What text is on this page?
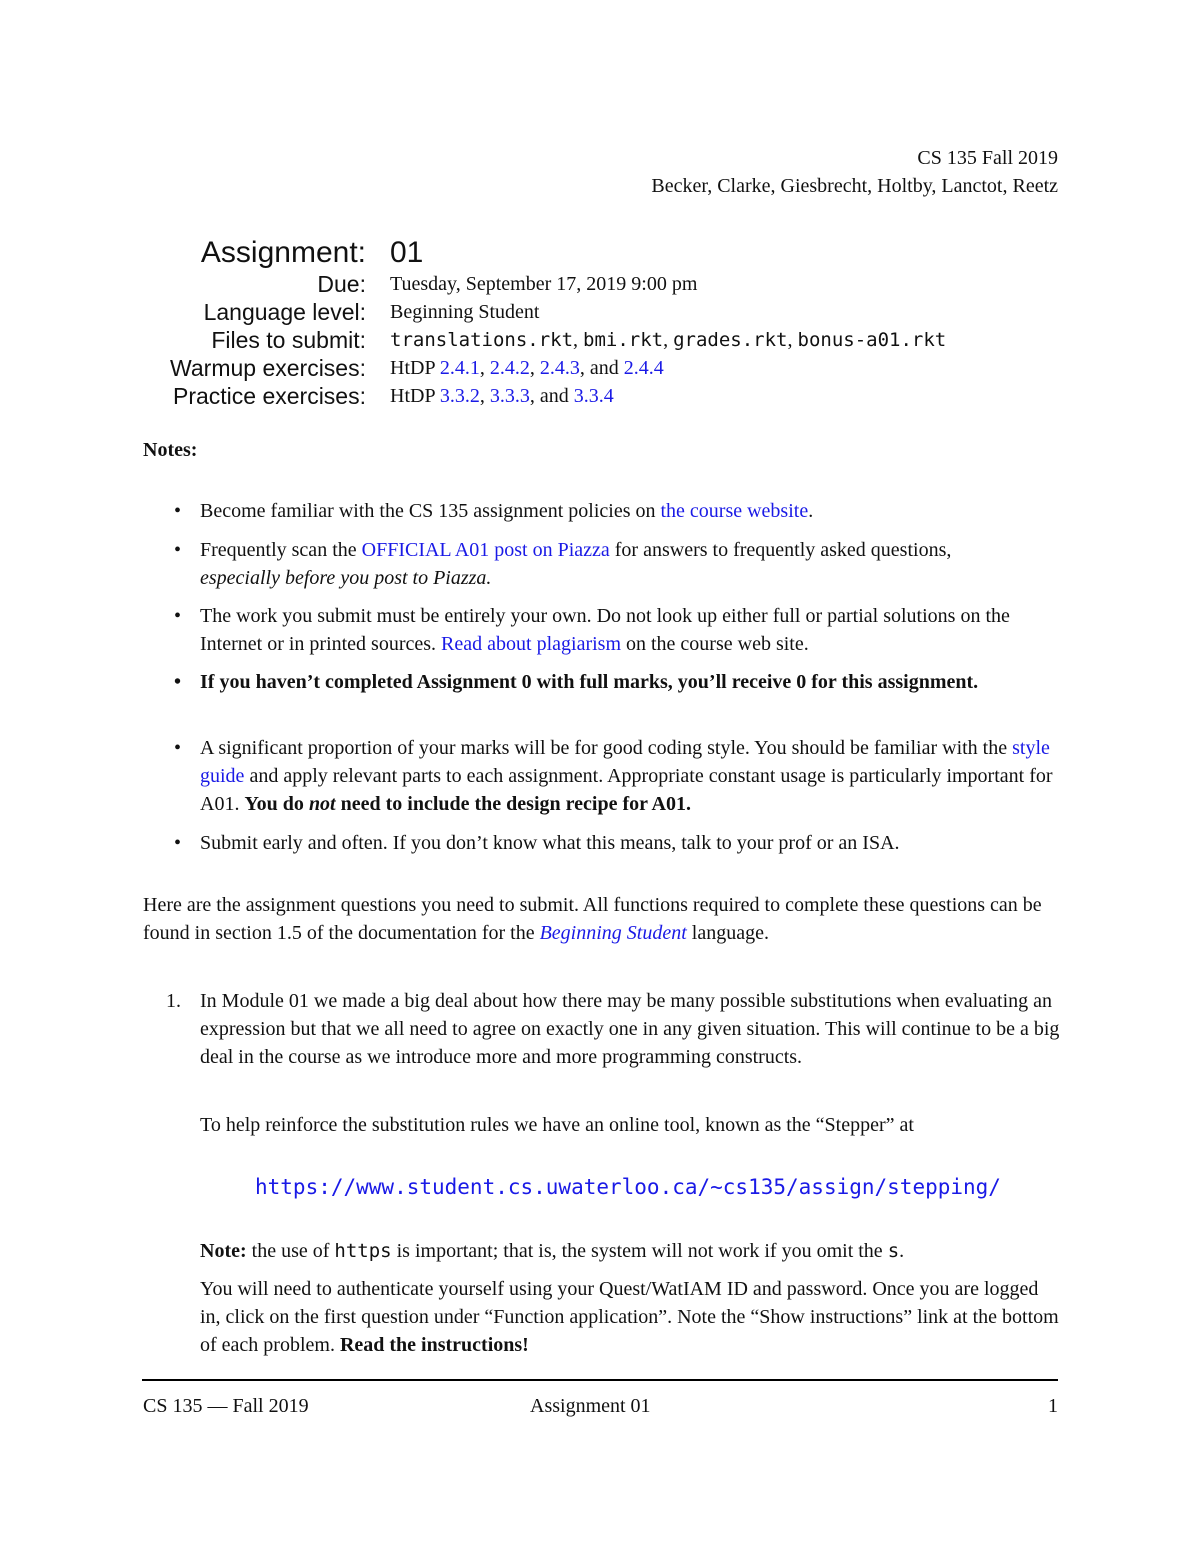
CS 135 Fall 2019
Becker, Clarke, Giesbrecht, Holtby, Lanctot, Reetz
Assignment: 01
Due: Tuesday, September 17, 2019 9:00 pm
Language level: Beginning Student
Files to submit: translations.rkt, bmi.rkt, grades.rkt, bonus-a01.rkt
Warmup exercises: HtDP 2.4.1, 2.4.2, 2.4.3, and 2.4.4
Practice exercises: HtDP 3.3.2, 3.3.3, and 3.3.4
Notes:
• Become familiar with the CS 135 assignment policies on the course website.
• Frequently scan the OFFICIAL A01 post on Piazza for answers to frequently asked questions,
especially before you post to Piazza.
• The work you submit must be entirely your own. Do not look up either full or partial solutions on the Internet or in printed sources. Read about plagiarism on the course web site.
• If you haven’t completed Assignment 0 with full marks, you’ll receive 0 for this assignment.
• A significant proportion of your marks will be for good coding style. You should be familiar with the style guide and apply relevant parts to each assignment. Appropriate constant usage is particularly important for A01. You do not need to include the design recipe for A01.
• Submit early and often. If you don’t know what this means, talk to your prof or an ISA.
Here are the assignment questions you need to submit. All functions required to complete these questions can be found in section 1.5 of the documentation for the Beginning Student language.
1. In Module 01 we made a big deal about how there may be many possible substitutions when evaluating an expression but that we all need to agree on exactly one in any given situation. This will continue to be a big deal in the course as we introduce more and more programming constructs.
To help reinforce the substitution rules we have an online tool, known as the “Stepper” at
https://www.student.cs.uwaterloo.ca/~cs135/assign/stepping/
Note: the use of https is important; that is, the system will not work if you omit the s.
You will need to authenticate yourself using your Quest/WatIAM ID and password. Once you are logged in, click on the first question under “Function application”. Note the “Show instructions” link at the bottom of each problem. Read the instructions!
CS 135 — Fall 2019	Assignment 01	1
